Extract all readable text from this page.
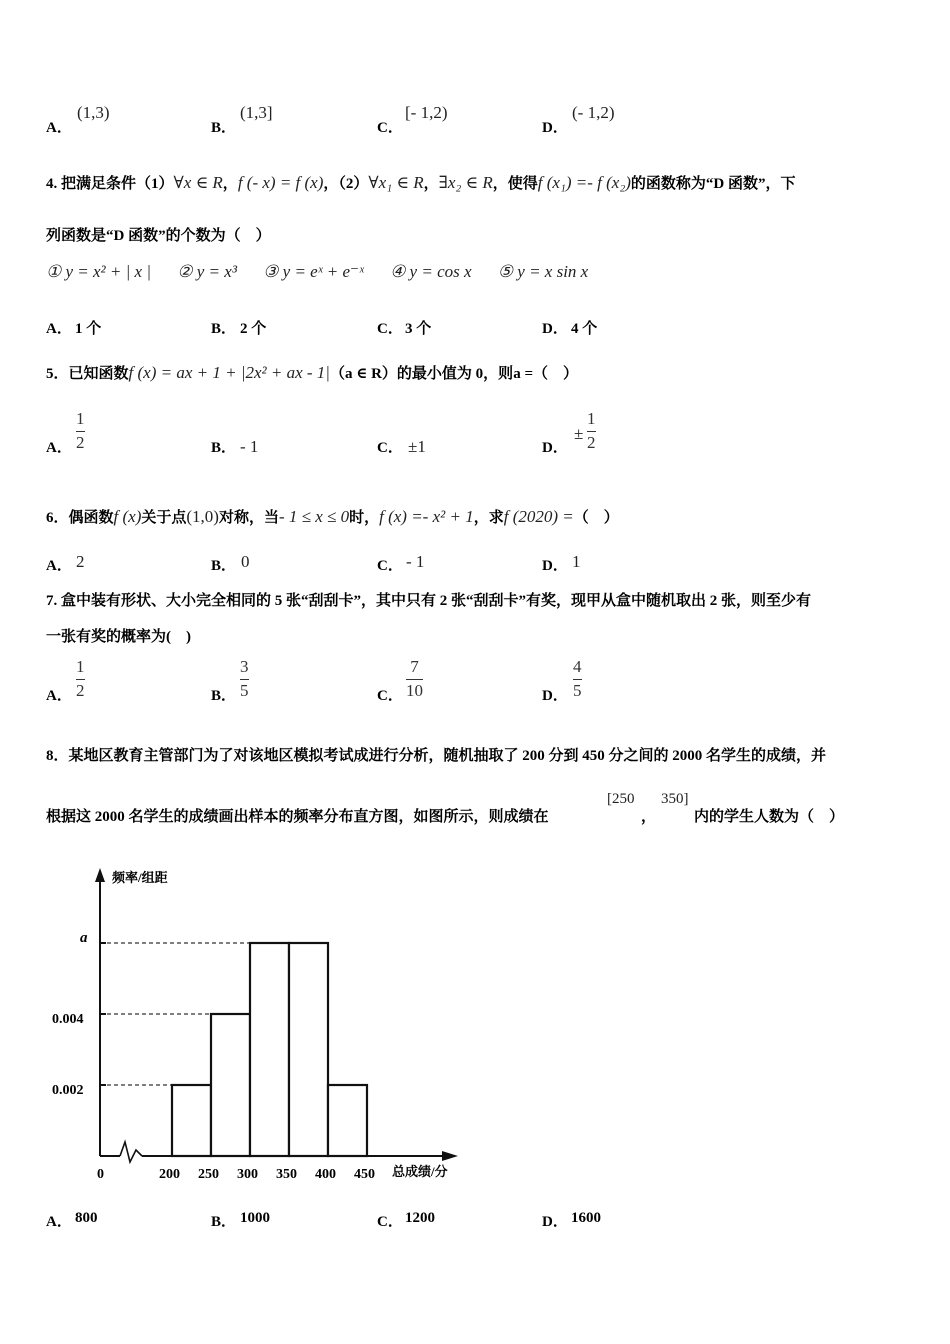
A．
(1,3)
B．
(1,3]
C．
[- 1,2)
D．
(- 1,2)
4. 把满足条件（1）∀x ∈ R，f (- x) = f (x)，（2）∀x₁ ∈ R，∃x₂ ∈ R，使得f (x₁) =- f (x₂)的函数称为“D 函数”，下
列函数是“D 函数”的个数为（　）
① y = x² + | x | ② y = x³ ③ y = eˣ + e⁻ˣ ④ y = cos x ⑤ y = x sin x
A． 1 个	B． 2 个	C． 3 个	D． 4 个
5．已知函数f (x) = ax + 1 + |2x² + ax - 1|（a ∈ R）的最小值为 0，则a =（　）
A．
1
2	B． - 1	C． ±1	D．
±
1
2
6．偶函数f (x)关于点(1,0)对称，当- 1 ≤ x ≤ 0时，f (x) =- x² + 1，求f (2020) =（　）
A． 2	B． 0	C． - 1	D． 1
7. 盒中装有形状、大小完全相同的 5 张“刮刮卡”，其中只有 2 张“刮刮卡”有奖，现甲从盒中随机取出 2 张，则至少有
一张有奖的概率为(　)
A．
1
2	B．
3
5	C．
7
10	D．
4
5
8．某地区教育主管部门为了对该地区模拟考试成进行分析，随机抽取了 200 分到 450 分之间的 2000 名学生的成绩，并
根据这 2000 名学生的成绩画出样本的频率分布直方图，如图所示，则成绩在
[250
，
350]
内的学生人数为（　）
200 250 300 350 400 450
频率/组距
总成绩/分
0
0.002
0.004
a
A． 800	B． 1000	C． 1200	D． 1600
